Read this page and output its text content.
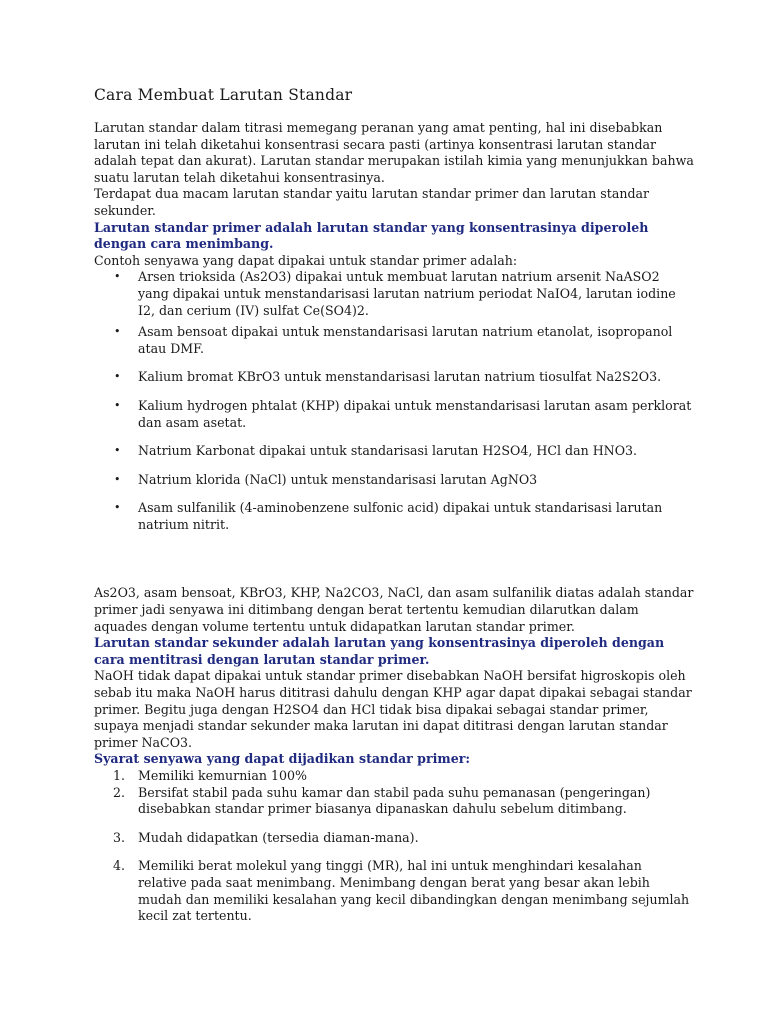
Cara Membuat Larutan Standar

Larutan standar dalam titrasi memegang peranan yang amat penting, hal ini disebabkan larutan ini telah diketahui konsentrasi secara pasti (artinya konsentrasi larutan standar adalah tepat dan akurat). Larutan standar merupakan istilah kimia yang menunjukkan bahwa suatu larutan telah diketahui konsentrasinya.

Terdapat dua macam larutan standar yaitu larutan standar primer dan larutan standar sekunder.

Larutan standar primer adalah larutan standar yang konsentrasinya diperoleh dengan cara menimbang.

Contoh senyawa yang dapat dipakai untuk standar primer adalah:

• Arsen trioksida (As2O3) dipakai untuk membuat larutan natrium arsenit NaASO2 yang dipakai untuk menstandarisasi larutan natrium periodat NaIO4, larutan iodine I2, dan cerium (IV) sulfat Ce(SO4)2.
• Asam bensoat dipakai untuk menstandarisasi larutan natrium etanolat, isopropanol atau DMF.
• Kalium bromat KBrO3 untuk menstandarisasi larutan natrium tiosulfat Na2S2O3.
• Kalium hydrogen phtalat (KHP) dipakai untuk menstandarisasi larutan asam perklorat dan asam asetat.
• Natrium Karbonat dipakai untuk standarisasi larutan H2SO4, HCl dan HNO3.
• Natrium klorida (NaCl) untuk menstandarisasi larutan AgNO3
• Asam sulfanilik (4-aminobenzene sulfonic acid) dipakai untuk standarisasi larutan natrium nitrit.

As2O3, asam bensoat, KBrO3, KHP, Na2CO3, NaCl, dan asam sulfanilik diatas adalah standar primer jadi senyawa ini ditimbang dengan berat tertentu kemudian dilarutkan dalam aquades dengan volume tertentu untuk didapatkan larutan standar primer.

Larutan standar sekunder adalah larutan yang konsentrasinya diperoleh dengan cara mentitrasi dengan larutan standar primer.

NaOH tidak dapat dipakai untuk standar primer disebabkan NaOH bersifat higroskopis oleh sebab itu maka NaOH harus dititrasi dahulu dengan KHP agar dapat dipakai sebagai standar primer. Begitu juga dengan H2SO4 dan HCl tidak bisa dipakai sebagai standar primer, supaya menjadi standar sekunder maka larutan ini dapat dititrasi dengan larutan standar primer NaCO3.

Syarat senyawa yang dapat dijadikan standar primer:

1. Memiliki kemurnian 100%
2. Bersifat stabil pada suhu kamar dan stabil pada suhu pemanasan (pengeringan) disebabkan standar primer biasanya dipanaskan dahulu sebelum ditimbang.
3. Mudah didapatkan (tersedia diaman-mana).
4. Memiliki berat molekul yang tinggi (MR), hal ini untuk menghindari kesalahan relative pada saat menimbang. Menimbang dengan berat yang besar akan lebih mudah dan memiliki kesalahan yang kecil dibandingkan dengan menimbang sejumlah kecil zat tertentu.
